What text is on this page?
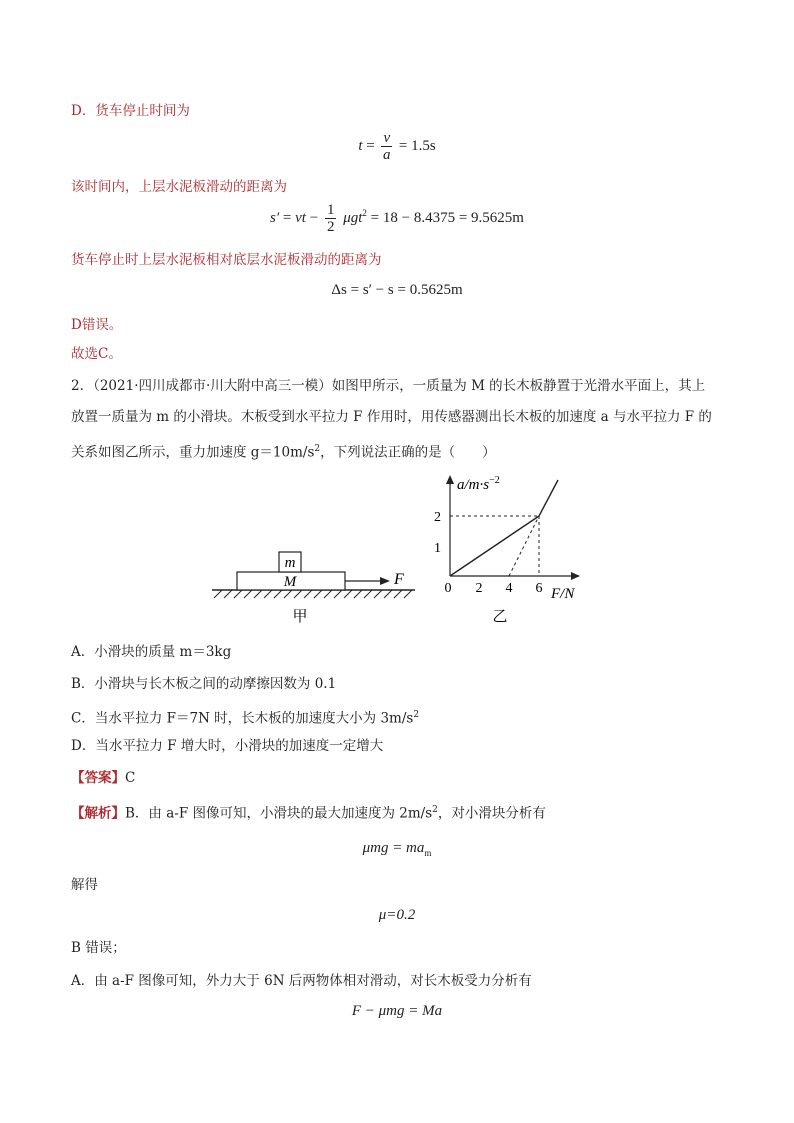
D．货车停止时间为
$t = \frac{v}{a} = 1.5s$
该时间内，上层水泥板滑动的距离为
s′ = vt − $\frac{1}{2} \mu gt^2 = 18 - 8.4375 = 9.5625m$
货车停止时上层水泥板相对底层水泥板滑动的距离为
Δs = s′ − s = 0.5625m
D错误。
故选C。
2．（2021·四川成都市·川大附中高三一模）如图甲所示，一质量为 M 的长木板静置于光滑水平面上，其上
放置一质量为 m 的小滑块。木板受到水平拉力 F 作用时，用传感器测出长木板的加速度 a 与水平拉力 F 的
关系如图乙所示，重力加速度 $g=10m/s^2$，下列说法正确的是（　　）
m
M	F
甲
$a/m\cdot s^{-2}$
F/N
0 2 4 6
1
2
乙
A．小滑块的质量 m＝3kg
B．小滑块与长木板之间的动摩擦因数为 0.1
C．当水平拉力 F＝7N 时，长木板的加速度大小为 $3m/s^2$
D．当水平拉力 F 增大时，小滑块的加速度一定增大
【答案】C
【解析】B．由 a-F 图像可知，小滑块的最大加速度为 $2m/s^2$，对小滑块分析有
$\mu mg = ma_m$
解得
μ=0.2
B 错误；
A．由 a-F 图像可知，外力大于 6N 后两物体相对滑动，对长木板受力分析有
F − μmg = Ma
